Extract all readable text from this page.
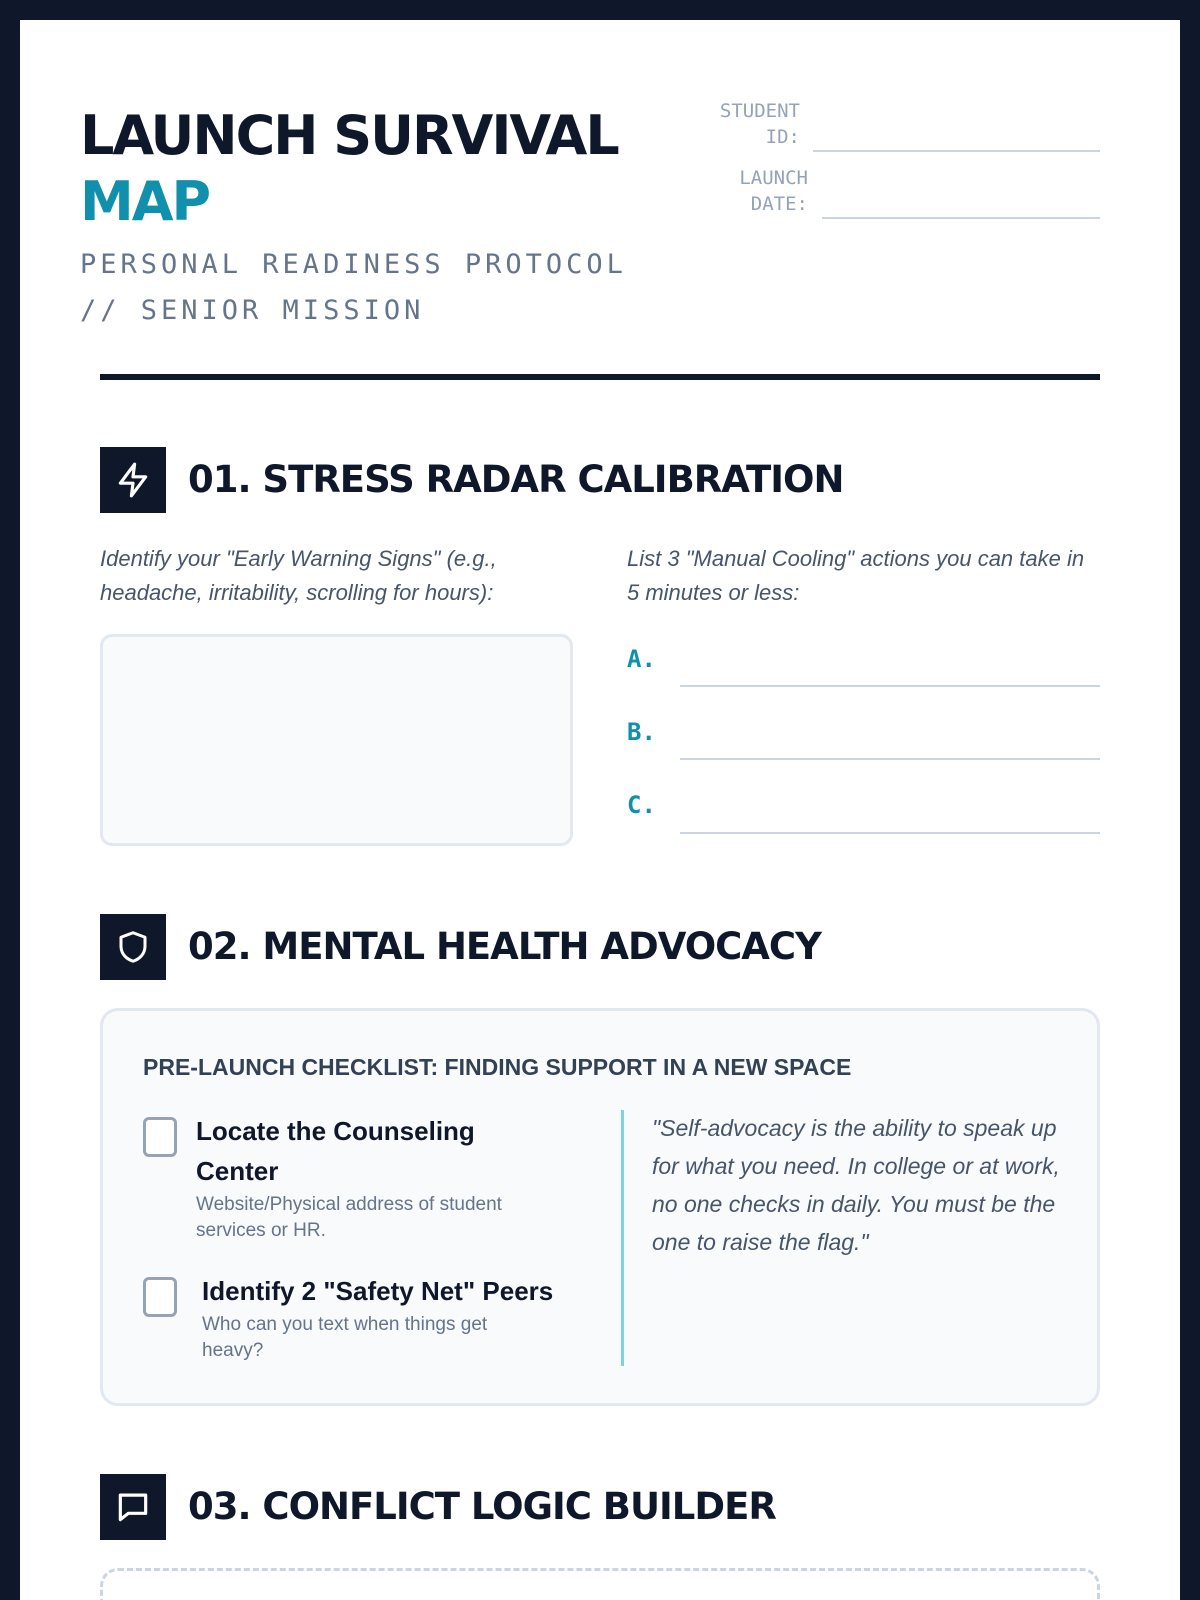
LAUNCH SURVIVAL
MAP
PERSONAL READINESS PROTOCOL // SENIOR MISSION
STUDENT
ID:
LAUNCH
DATE:
01. STRESS RADAR CALIBRATION
Identify your "Early Warning Signs" (e.g., headache, irritability, scrolling for hours):
List 3 "Manual Cooling" actions you can take in 5 minutes or less:
A.
B.
C.
02. MENTAL HEALTH ADVOCACY
PRE-LAUNCH CHECKLIST: FINDING SUPPORT IN A NEW SPACE
Locate the Counseling
Center
Website/Physical address of student
services or HR.
Identify 2 "Safety Net" Peers
Who can you text when things get
heavy?
"Self-advocacy is the ability to speak up for what you need. In college or at work, no one checks in daily. You must be the one to raise the flag."
03. CONFLICT LOGIC BUILDER
